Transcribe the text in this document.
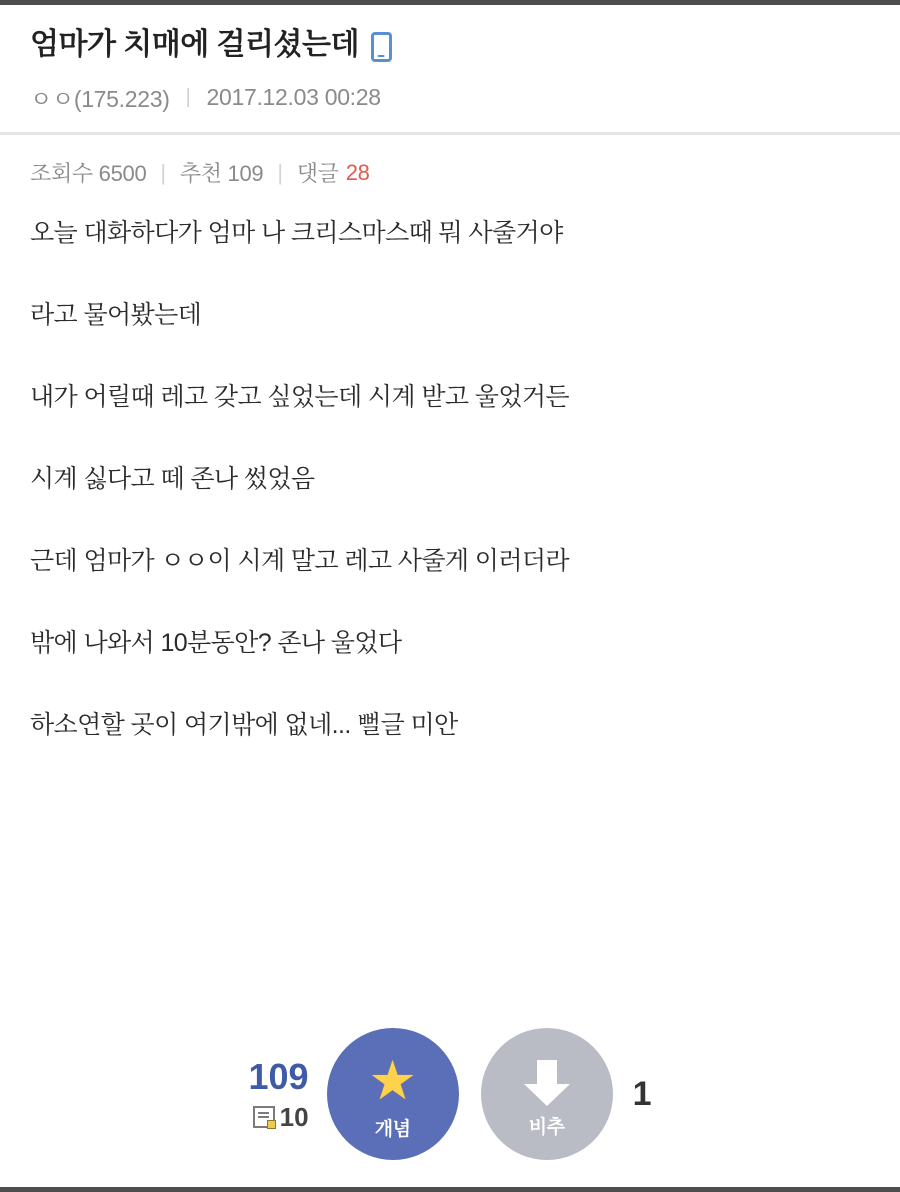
엄마가 치매에 걸리셨는데
ㅇㅇ(175.223) | 2017.12.03 00:28
조회수 6500 | 추천 109 | 댓글 28

오늘 대화하다가 엄마 나 크리스마스때 뭐 사줄거야

라고 물어봤는데

내가 어릴때 레고 갖고 싶었는데 시계 받고 울었거든

시계 싫다고 떼 존나 썼었음

근데 엄마가 ㅇㅇ이 시계 말고 레고 사줄게 이러더라

밖에 나와서 10분동안? 존나 울었다

하소연할 곳이 여기밖에 없네... 뻘글 미안

109
10
★
개념	비추
1
